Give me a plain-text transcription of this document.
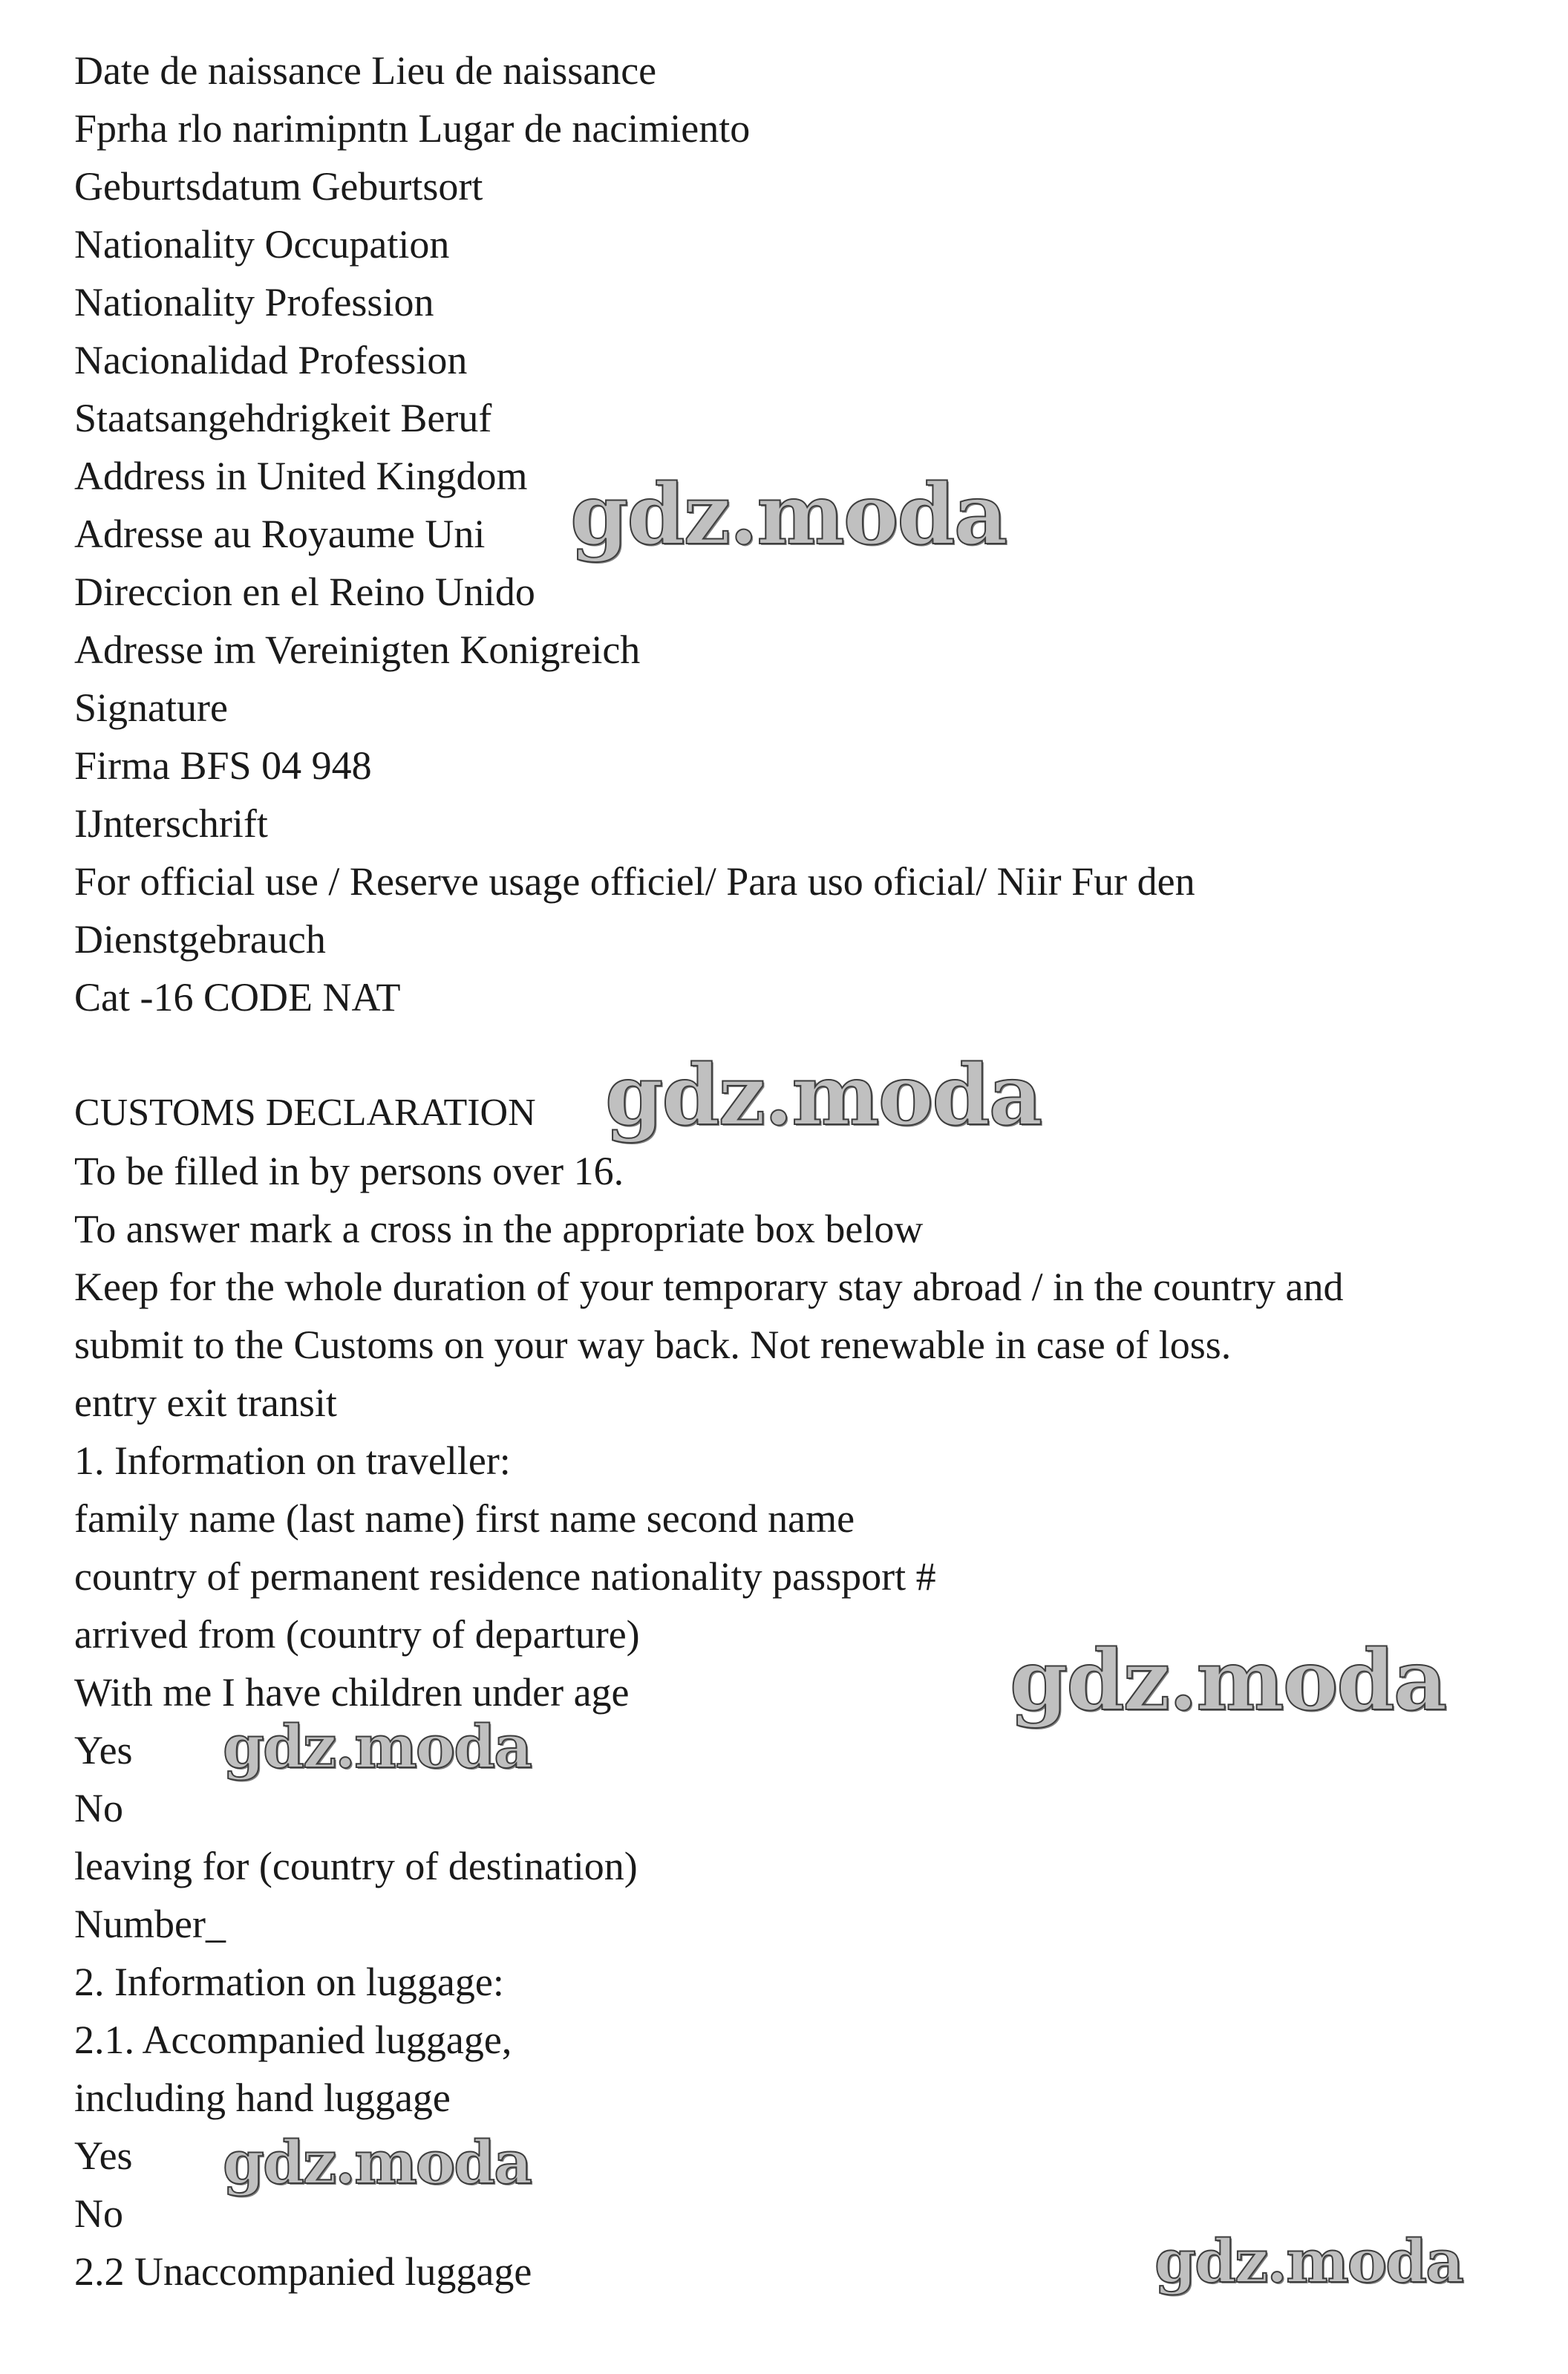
Date de naissance Lieu de naissance
Fprha rlo narimipntn Lugar de nacimiento
Geburtsdatum Geburtsort
Nationality Occupation
Nationality Profession
Nacionalidad Profession
Staatsangehdrigkeit Beruf
Address in United Kingdom
Adresse au Royaume Uni
Direccion en el Reino Unido
Adresse im Vereinigten Konigreich
Signature
Firma BFS 04 948
IJnterschrift
For official use / Reserve usage officiel/ Para uso oficial/ Niir Fur den
Dienstgebrauch
Cat -16 CODE NAT
CUSTOMS DECLARATION
To be filled in by persons over 16.
To answer mark a cross in the appropriate box below
Keep for the whole duration of your temporary stay abroad / in the country and
submit to the Customs on your way back. Not renewable in case of loss.
entry exit transit
1. Information on traveller:
family name (last name) first name second name
country of permanent residence nationality passport #
arrived from (country of departure)
With me I have children under age
Yes
No
leaving for (country of destination)
Number_
2. Information on luggage:
2.1. Accompanied luggage,
including hand luggage
Yes
No
2.2 Unaccompanied luggage
gdz.moda
gdz.moda
gdz.moda
gdz.moda
gdz.moda
gdz.moda
